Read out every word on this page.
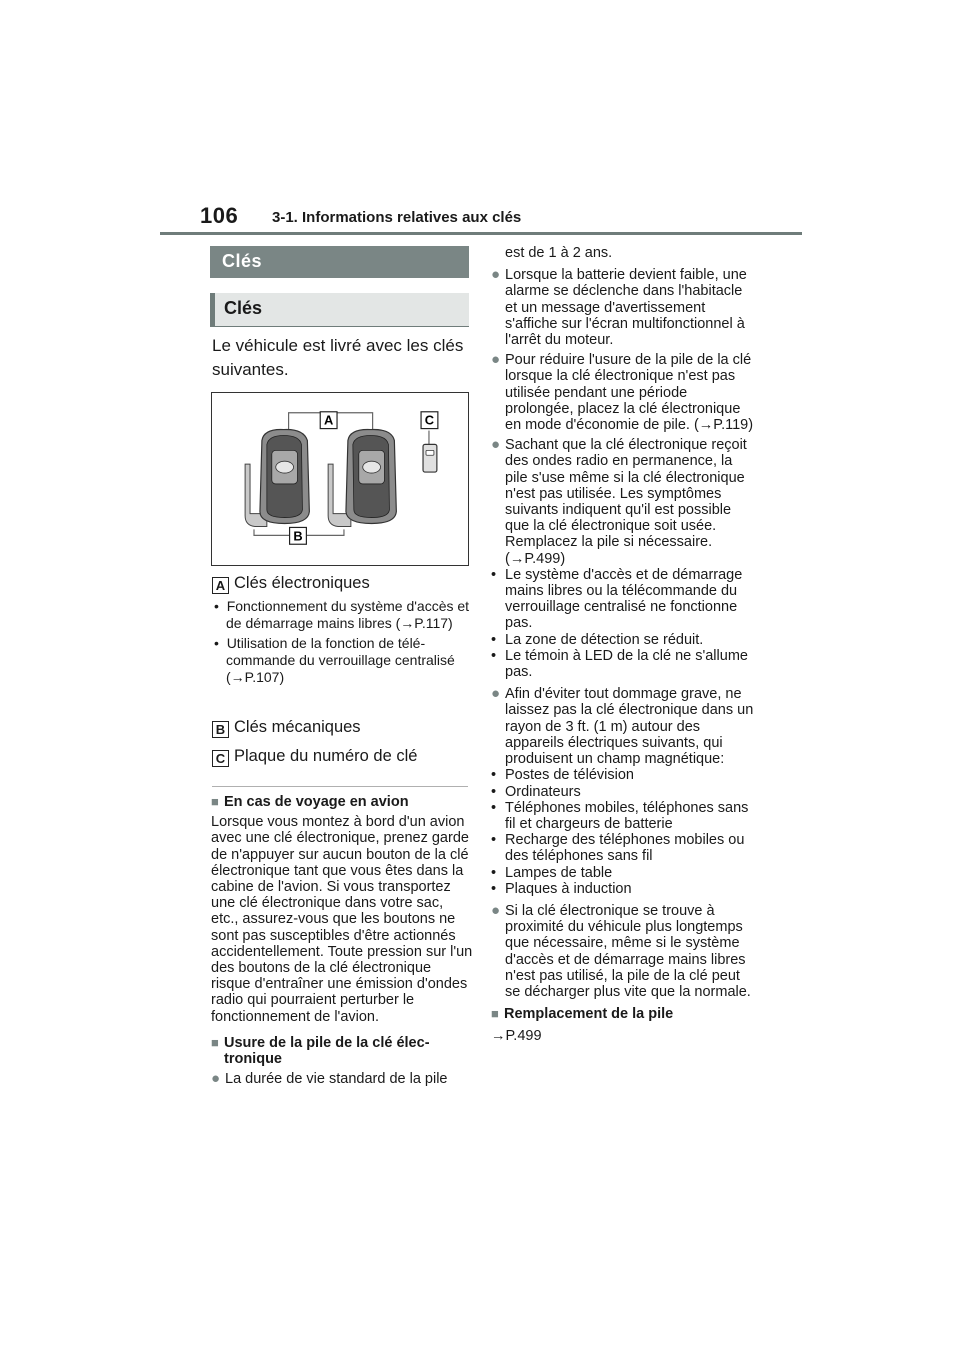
106 3-1. Informations relatives aux clés
Clés
Clés
Le véhicule est livré avec les clés suivantes.
A	C
B
A Clés électroniques
• Fonctionnement du système d'accès et de démarrage mains libres (→P.117)
• Utilisation de la fonction de télécommande du verrouillage centralisé (→P.107)
B Clés mécaniques
C Plaque du numéro de clé
■ En cas de voyage en avion

Lorsque vous montez à bord d'un avion avec une clé électronique, prenez garde de n'appuyer sur aucun bouton de la clé électronique tant que vous êtes dans la cabine de l'avion. Si vous transportez une clé électronique dans votre sac, etc., assurez-vous que les boutons ne sont pas susceptibles d'être actionnés accidentellement. Toute pression sur l'un des boutons de la clé électronique risque d'entraîner une émission d'ondes radio qui pourraient perturber le fonctionnement de l'avion.

■ Usure de la pile de la clé électronique
● La durée de vie standard de la pile

est de 1 à 2 ans.

● Lorsque la batterie devient faible, une alarme se déclenche dans l'habitacle et un message d'avertissement s'affiche sur l'écran multifonctionnel à l'arrêt du moteur.
● Pour réduire l'usure de la pile de la clé lorsque la clé électronique n'est pas utilisée pendant une période prolongée, placez la clé électronique en mode d'économie de pile. (→P.119)
● Sachant que la clé électronique reçoit des ondes radio en permanence, la pile s'use même si la clé électronique n'est pas utilisée. Les symptômes suivants indiquent qu'il est possible que la clé électronique soit usée. Remplacez la pile si nécessaire. (→P.499)
• Le système d'accès et de démarrage mains libres ou la télécommande du verrouillage centralisé ne fonctionne pas.
• La zone de détection se réduit.
• Le témoin à LED de la clé ne s'allume pas.
● Afin d'éviter tout dommage grave, ne laissez pas la clé électronique dans un rayon de 3 ft. (1 m) autour des appareils électriques suivants, qui produisent un champ magnétique:
• Postes de télévision
• Ordinateurs
• Téléphones mobiles, téléphones sans fil et chargeurs de batterie
• Recharge des téléphones mobiles ou des téléphones sans fil
• Lampes de table
• Plaques à induction
● Si la clé électronique se trouve à proximité du véhicule plus longtemps que nécessaire, même si le système d'accès et de démarrage mains libres n'est pas utilisé, la pile de la clé peut se décharger plus vite que la normale.
■ Remplacement de la pile

→P.499
